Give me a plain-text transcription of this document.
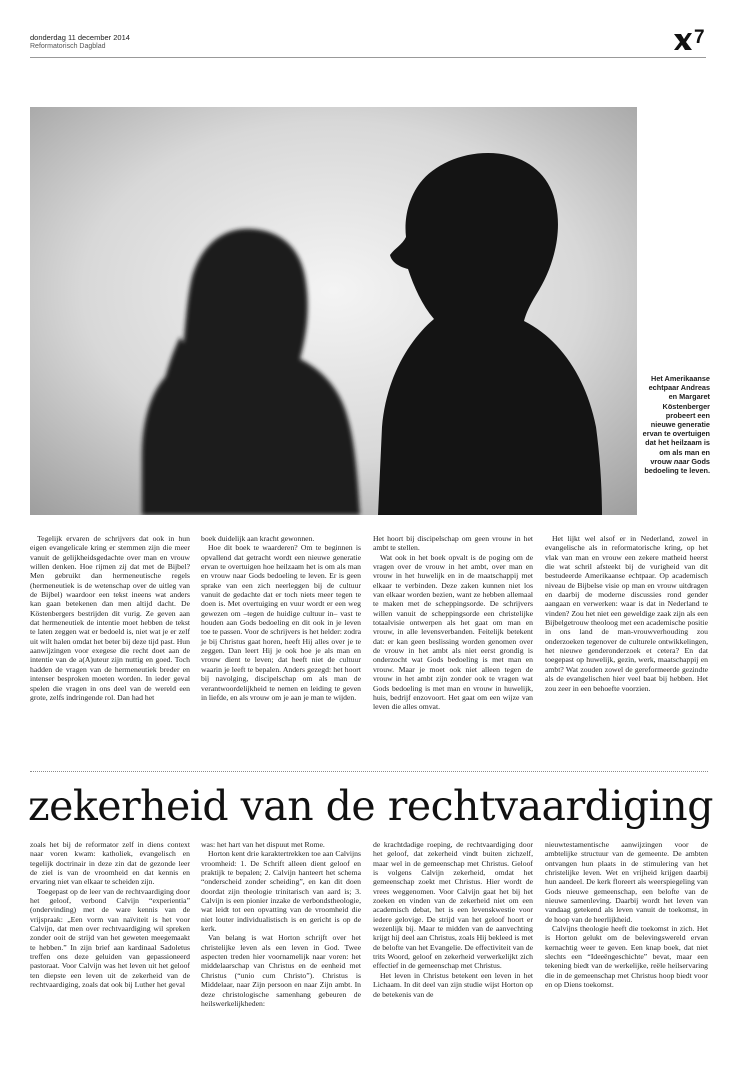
donderdag 11 december 2014
Reformatorisch Dagblad	7
Het Amerikaanse echtpaar Andreas en Margaret Köstenberger probeert een nieuwe generatie ervan te overtuigen dat het heilzaam is om als man en vrouw naar Gods bedoeling te leven.

Tegelijk ervaren de schrijvers dat ook in hun eigen evangelicale kring er stemmen zijn die meer vanuit de gelijkheidsgedachte over man en vrouw willen denken. Hoe rijmen zij dat met de Bijbel? Men gebruikt dan hermeneutische regels (hermeneutiek is de wetenschap over de uitleg van de Bijbel) waardoor een tekst ineens wat anders kan gaan betekenen dan men altijd dacht. De Köstenbergers bestrijden dit vurig. Ze geven aan dat hermeneutiek de intentie moet hebben de tekst te laten zeggen wat er bedoeld is, niet wat je er zelf uit wilt halen omdat het beter bij deze tijd past. Hun aanwijzingen voor exegese die recht doet aan de intentie van de a(A)uteur zijn nuttig en goed. Toch hadden de vragen van de hermeneutiek breder en intenser besproken moeten worden. In ieder geval spelen die vragen in ons deel van de wereld een grote, zelfs indringende rol. Dan had het

boek duidelijk aan kracht gewonnen.

Hoe dit boek te waarderen? Om te beginnen is opvallend dat getracht wordt een nieuwe generatie ervan te overtuigen hoe heilzaam het is om als man en vrouw naar Gods bedoeling te leven. Er is geen sprake van een zich neerleggen bij de cultuur vanuit de gedachte dat er toch niets meer tegen te doen is. Met overtuiging en vuur wordt er een weg gewezen om –tegen de huidige cultuur in– vast te houden aan Gods bedoeling en dit ook in je leven toe te passen. Voor de schrijvers is het helder: zodra je bij Christus gaat horen, heeft Hij alles over je te zeggen. Dan leert Hij je ook hoe je als man en vrouw dient te leven; dat heeft niet de cultuur waarin je leeft te bepalen. Anders gezegd: het hoort bij navolging, discipelschap om als man de verantwoordelijkheid te nemen en leiding te geven in liefde, en als vrouw om je aan je man te wijden.

Het hoort bij discipelschap om geen vrouw in het ambt te stellen.

Wat ook in het boek opvalt is de poging om de vragen over de vrouw in het ambt, over man en vrouw in het huwelijk en in de maatschappij met elkaar te verbinden. Deze zaken kunnen niet los van elkaar worden bezien, want ze hebben allemaal te maken met de scheppingsorde. De schrijvers willen vanuit de scheppingsorde een christelijke totaalvisie ontwerpen als het gaat om man en vrouw, in alle levensverbanden. Feitelijk betekent dat: er kan geen beslissing worden genomen over de vrouw in het ambt als niet eerst grondig is onderzocht wat Gods bedoeling is met man en vrouw. Maar je moet ook niet alleen tegen de vrouw in het ambt zijn zonder ook te vragen wat Gods bedoeling is met man en vrouw in huwelijk, huis, bedrijf enzovoort. Het gaat om een wijze van leven die alles omvat.

Het lijkt wel alsof er in Nederland, zowel in evangelische als in reformatorische kring, op het vlak van man en vrouw een zekere matheid heerst die wat schril afsteekt bij de vurigheid van dit bestudeerde Amerikaanse echtpaar. Op academisch niveau de Bijbelse visie op man en vrouw uitdragen en daarbij de moderne discussies rond gender aangaan en verwerken: waar is dat in Nederland te vinden? Zou het niet een geweldige zaak zijn als een Bijbelgetrouw theoloog met een academische positie in ons land de man-vrouwverhouding zou onderzoeken tegenover de culturele ontwikkelingen, het nieuwe genderonderzoek et cetera? En dat toegepast op huwelijk, gezin, werk, maatschappij en ambt? Wat zouden zowel de gereformeerde gezindte als de evangelischen hier veel baat bij hebben. Het zou zeer in een behoefte voorzien.

zekerheid van de rechtvaardiging

zoals het bij de reformator zelf in diens context naar voren kwam: katholiek, evangelisch en tegelijk doctrinair in deze zin dat de gezonde leer de ziel is van de vroomheid en dat kennis en ervaring niet van elkaar te scheiden zijn.

Toegepast op de leer van de rechtvaardiging door het geloof, verbond Calvijn “experientia” (ondervinding) met de ware kennis van de vrijspraak: „Een vorm van naïviteit is het voor Calvijn, dat men over rechtvaardiging wil spreken zonder ooit de strijd van het geweten meegemaakt te hebben.” In zijn brief aan kardinaal Sadoletus treffen ons deze geluiden van gepassioneerd pastoraat. Voor Calvijn was het leven uit het geloof ten diepste een leven uit de zekerheid van de rechtvaardiging, zoals dat ook bij Luther het geval

was: het hart van het dispuut met Rome.

Horton kent drie karaktertrekken toe aan Calvijns vroomheid: 1. De Schrift alleen dient geloof en praktijk te bepalen; 2. Calvijn hanteert het schema “onderscheid zonder scheiding”, en kan dit doen doordat zijn theologie trinitarisch van aard is; 3. Calvijn is een pionier inzake de verbondstheologie, wat leidt tot een opvatting van de vroomheid die niet louter individualistisch is en gericht is op de kerk.

Van belang is wat Horton schrijft over het christelijke leven als een leven in God. Twee aspecten treden hier voornamelijk naar voren: het middelaarschap van Christus en de eenheid met Christus (“unio cum Christo”). Christus is Middelaar, naar Zijn persoon en naar Zijn ambt. In deze christologische samenhang gebeuren de heilswerkelijkheden:

de krachtdadige roeping, de rechtvaardiging door het geloof, dat zekerheid vindt buiten zichzelf, maar wel in de gemeenschap met Christus. Geloof is volgens Calvijn zekerheid, omdat het gemeenschap zoekt met Christus. Hier wordt de vrees weggenomen. Voor Calvijn gaat het bij het zoeken en vinden van de zekerheid niet om een academisch debat, het is een levenskwestie voor iedere gelovige. De strijd van het geloof hoort er wezenlijk bij. Maar te midden van de aanvechting krijgt hij deel aan Christus, zoals Hij bekleed is met de belofte van het Evangelie. De effectiviteit van de trits Woord, geloof en zekerheid verwerkelijkt zich effectief in de gemeenschap met Christus.

Het leven in Christus betekent een leven in het Lichaam. In dit deel van zijn studie wijst Horton op de betekenis van de

nieuwtestamentische aanwijzingen voor de ambtelijke structuur van de gemeente. De ambten ontvangen hun plaats in de stimulering van het christelijke leven. Wet en vrijheid krijgen daarbij hun aandeel. De kerk floreert als weerspiegeling van Gods nieuwe gemeenschap, een belofte van de nieuwe samenleving. Daarbij wordt het leven van vandaag getekend als leven vanuit de toekomst, in de hoop van de heerlijkheid.

Calvijns theologie heeft die toekomst in zich. Het is Horton gelukt om de belevingswereld ervan kernachtig weer te geven. Een knap boek, dat niet slechts een “Ideeëngeschichte” bevat, maar een tekening biedt van de werkelijke, reële heilservaring die in de gemeenschap met Christus hoop biedt voor en op Diens toekomst.
